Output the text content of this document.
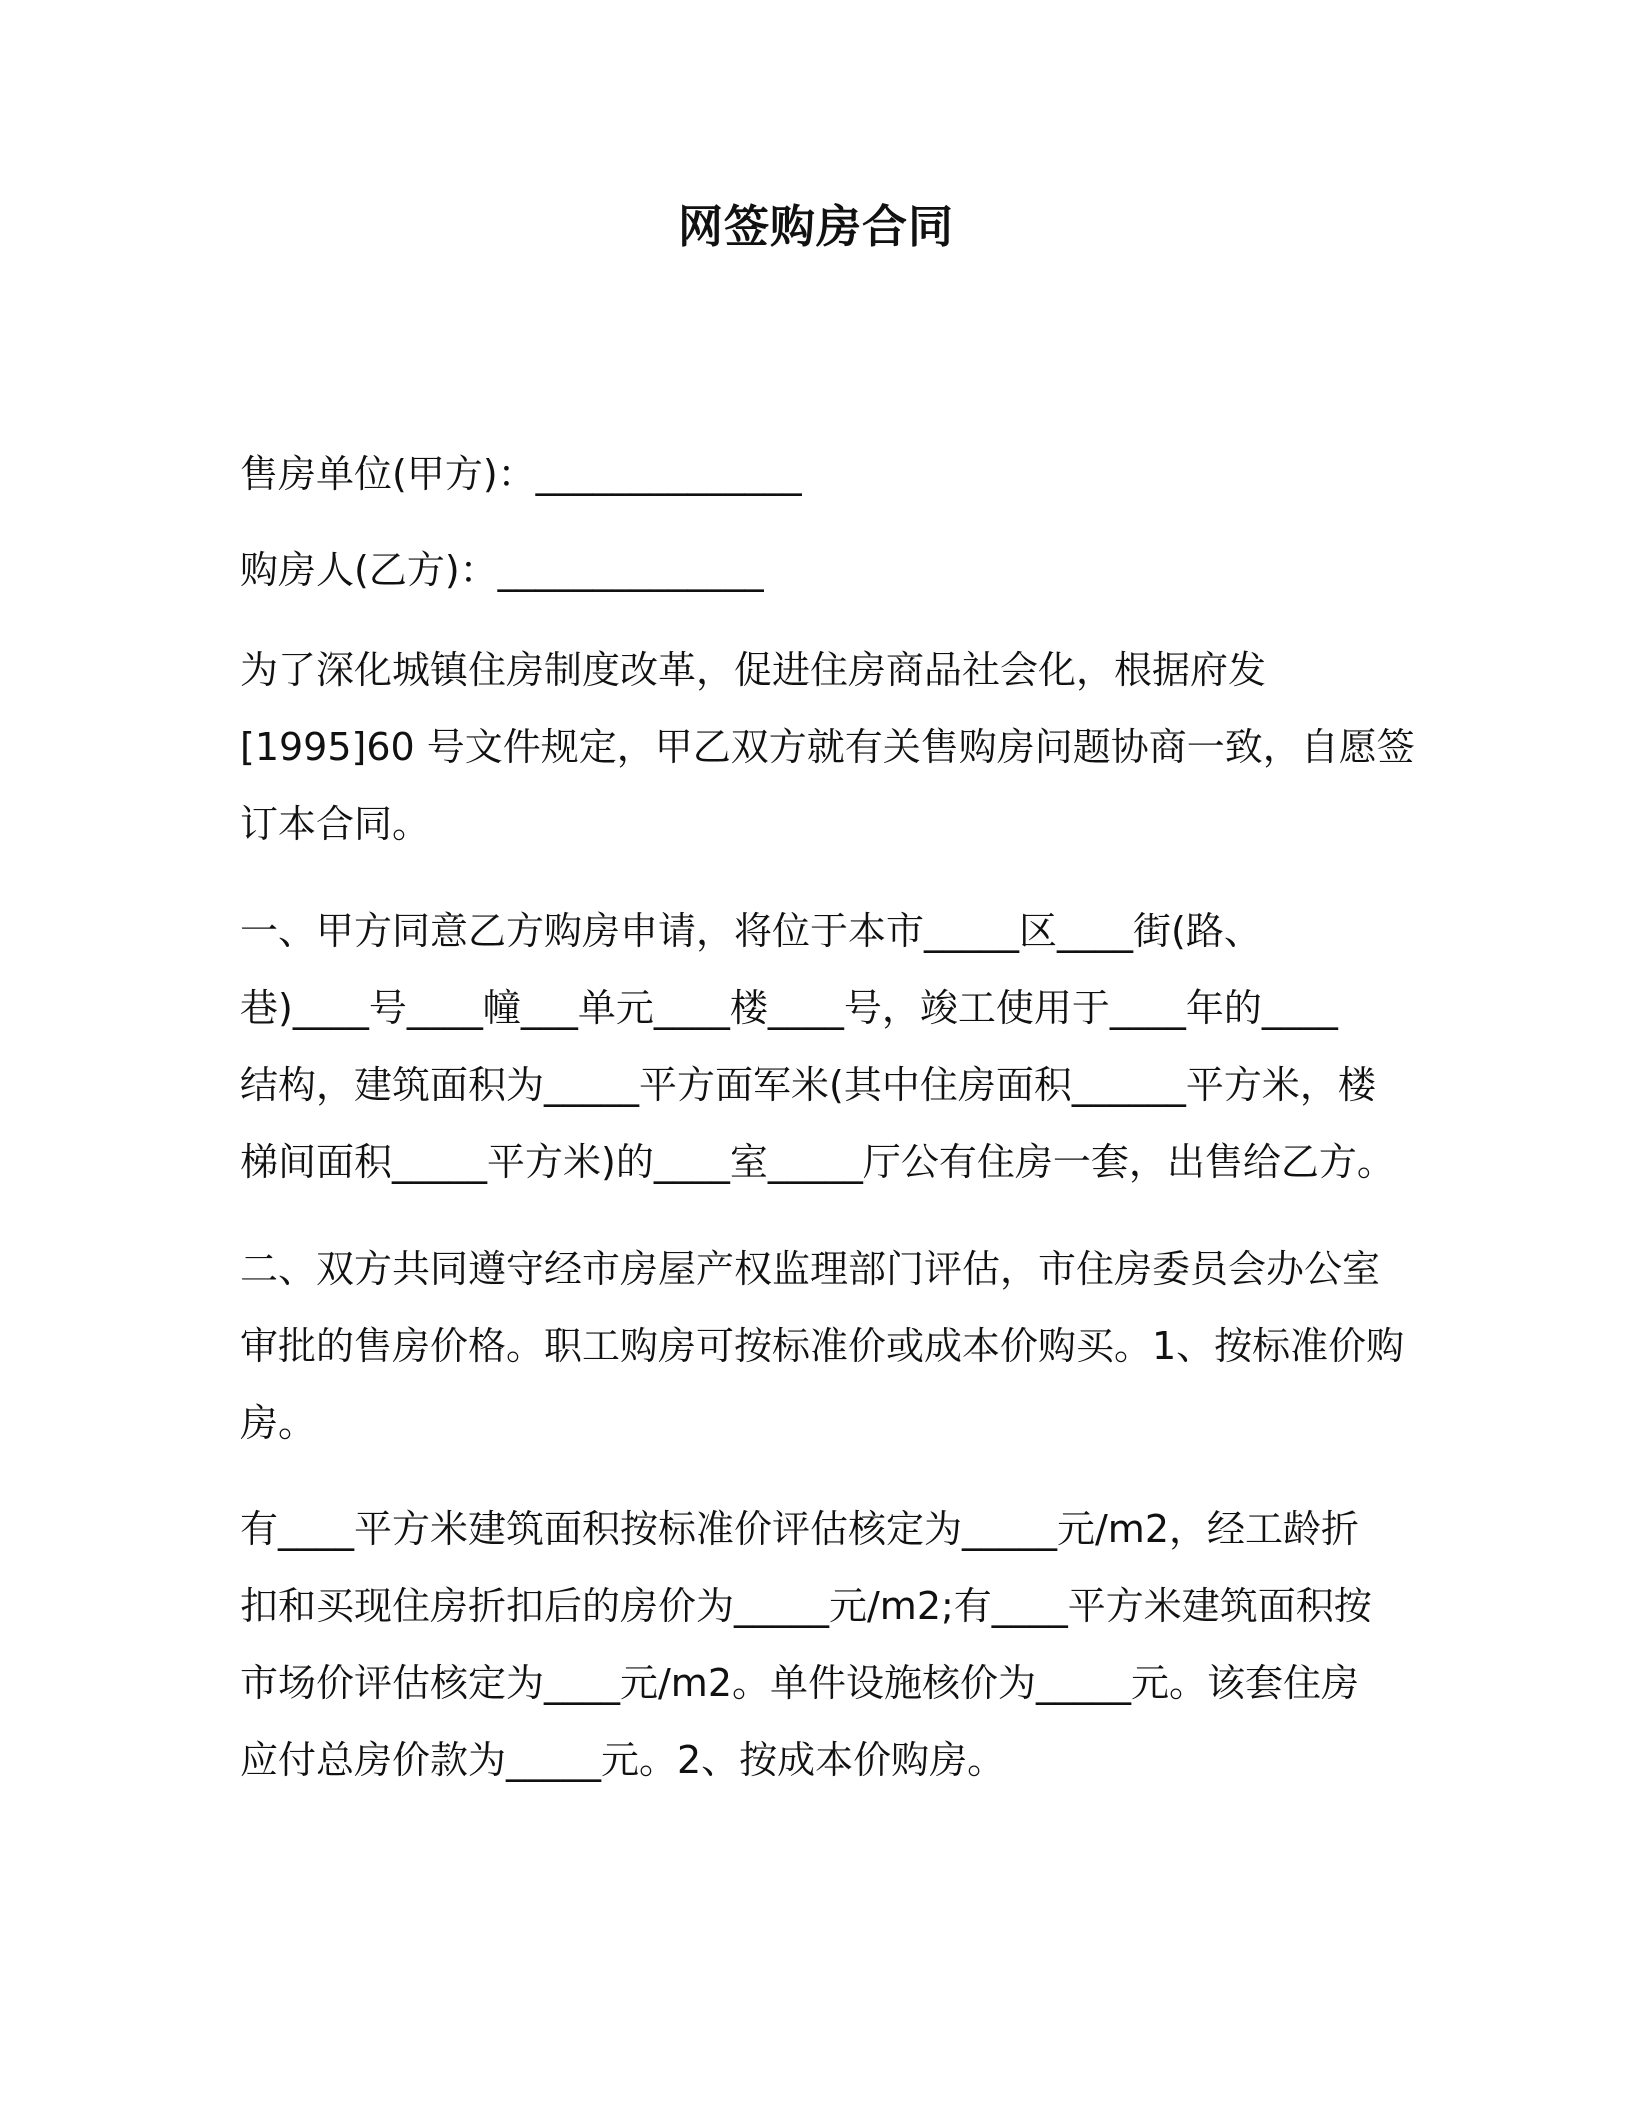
网签购房合同
售房单位(甲方)：______________
购房人(乙方)：______________
为了深化城镇住房制度改革，促进住房商品社会化，根据府发
[1995]60 号文件规定，甲乙双方就有关售购房问题协商一致，自愿签
订本合同。
一、甲方同意乙方购房申请，将位于本市_____区____街(路、
巷)____号____幢___单元____楼____号，竣工使用于____年的____
结构，建筑面积为_____平方面军米(其中住房面积______平方米，楼
梯间面积_____平方米)的____室_____厅公有住房一套，出售给乙方。
二、双方共同遵守经市房屋产权监理部门评估，市住房委员会办公室
审批的售房价格。职工购房可按标准价或成本价购买。1、按标准价购
房。
有____平方米建筑面积按标准价评估核定为_____元/m2，经工龄折
扣和买现住房折扣后的房价为_____元/m2;有____平方米建筑面积按
市场价评估核定为____元/m2。单件设施核价为_____元。该套住房
应付总房价款为_____元。2、按成本价购房。
